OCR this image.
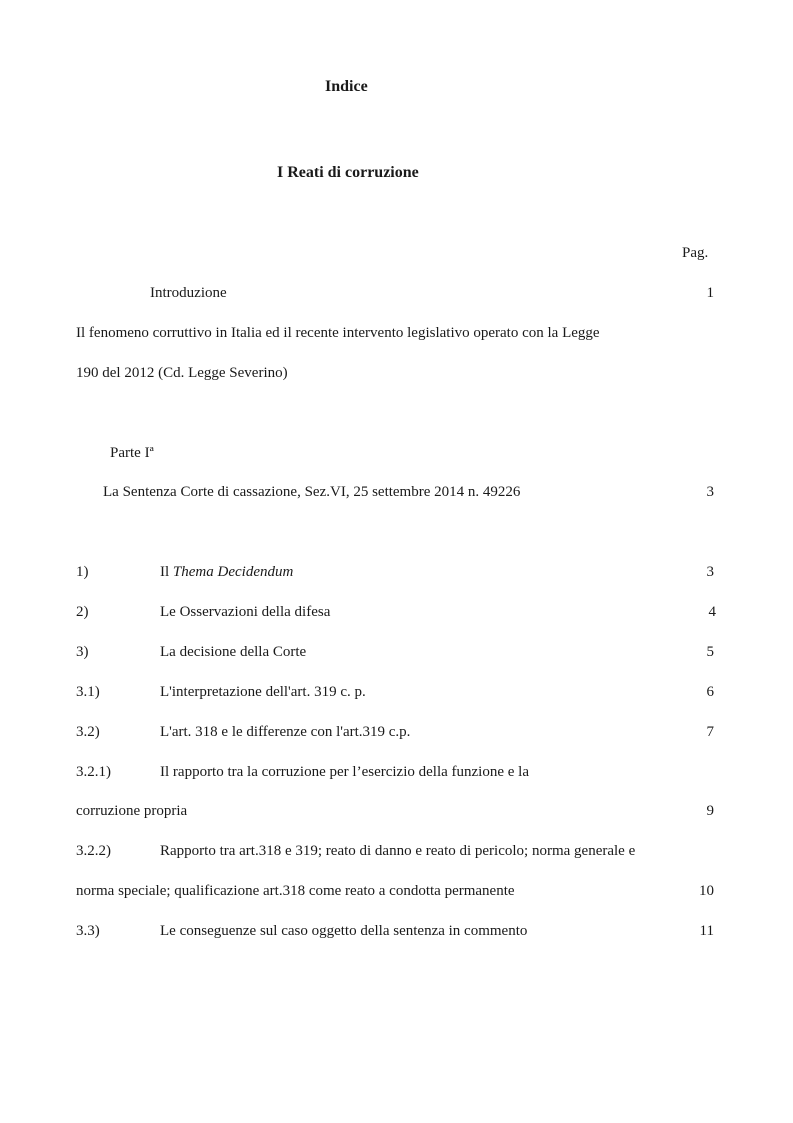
Indice
I Reati di corruzione
Pag.
Introduzione	1
Il fenomeno corruttivo in Italia ed il recente intervento legislativo operato con la Legge
190 del 2012 (Cd. Legge Severino)
Parte Iª
La Sentenza Corte di cassazione, Sez.VI, 25 settembre 2014 n. 49226	3
1)	Il Thema Decidendum	3
2)	Le Osservazioni della difesa	4
3)	La decisione della Corte	5
3.1)	L'interpretazione dell'art. 319 c. p.	6
3.2)	L'art. 318 e le differenze con l'art.319 c.p.	7
3.2.1)	Il rapporto tra la corruzione per l’esercizio della funzione e la
corruzione propria	9
3.2.2)	Rapporto tra art.318 e 319; reato di danno e reato di pericolo; norma generale e
norma speciale; qualificazione art.318 come reato a condotta permanente	10
3.3)	Le conseguenze sul caso oggetto della sentenza in commento	11
